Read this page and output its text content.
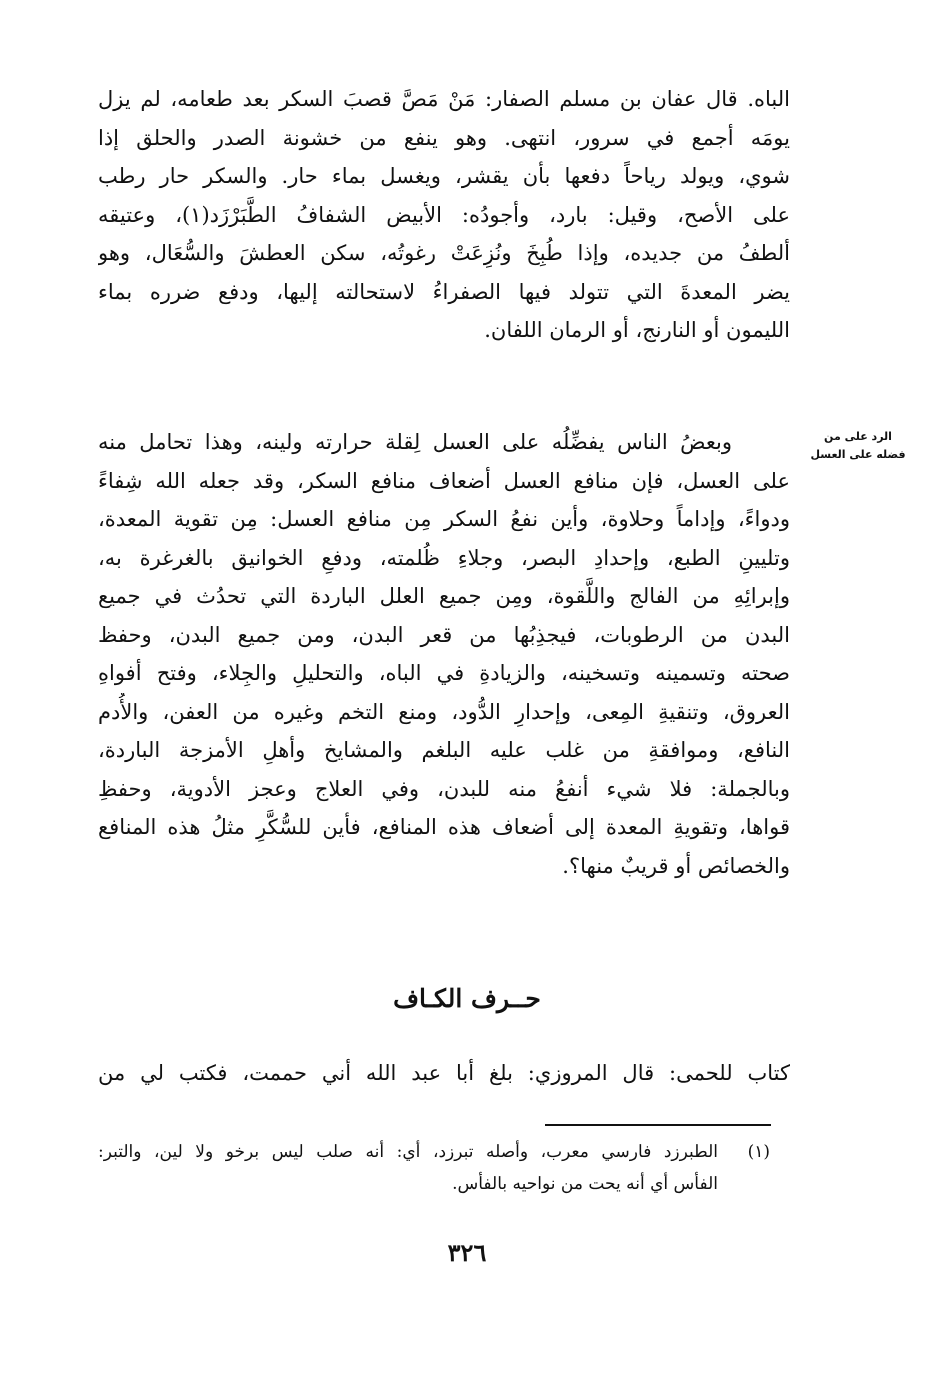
الباه. قال عفان بن مسلم الصفار: مَنْ مَصَّ قصبَ السكر بعد طعامه، لم يزل
يومَه أجمع في سرور، انتهى. وهو ينفع من خشونة الصدر والحلق إذا
شوي، ويولد رياحاً دفعها بأن يقشر، ويغسل بماء حار. والسكر حار رطب
على الأصح، وقيل: بارد، وأجودُه: الأبيض الشفافُ الطَّبَرْزَد(١)، وعتيقه
ألطفُ من جديده، وإذا طُبِخَ ونُزِعَتْ رغوتُه، سكن العطشَ والسُّعَال، وهو
يضر المعدةَ التي تتولد فيها الصفراءُ لاستحالته إليها، ودفع ضرره بماء
الليمون أو النارنج، أو الرمان اللفان.
الرد على من فضله على العسل
وبعضُ الناس يفضِّلُه على العسل لِقلة حرارته ولينه، وهذا تحامل منه
على العسل، فإن منافع العسل أضعاف منافع السكر، وقد جعله الله شِفاءً
ودواءً، وإداماً وحلاوة، وأين نفعُ السكر مِن منافع العسل: مِن تقوية المعدة،
وتليينِ الطبع، وإحدادِ البصر، وجلاءِ ظُلمته، ودفعِ الخوانيق بالغرغرة به،
وإبرائِهِ من الفالج واللَّقوة، ومِن جميع العلل الباردة التي تحدُث في جميع
البدن من الرطوبات، فيجذِبُها من قعر البدن، ومن جميع البدن، وحفظ
صحته وتسمينه وتسخينه، والزيادةِ في الباه، والتحليلِ والجِلاء، وفتح أفواهِ
العروق، وتنقيةِ المِعى، وإحدارِ الدُّود، ومنع التخم وغيره من العفن، والأُدم
النافع، وموافقةِ من غلب عليه البلغم والمشايخ وأهلِ الأمزجة الباردة،
وبالجملة: فلا شيء أنفعُ منه للبدن، وفي العلاج وعجز الأدوية، وحفظِ
قواها، وتقويةِ المعدة إلى أضعاف هذه المنافع، فأين للسُّكَّرِ مثلُ هذه المنافع
والخصائص أو قريبٌ منها؟.
حــرف الكـاف
كتاب للحمى: قال المروزي: بلغ أبا عبد الله أني حممت، فكتب لي من
(١)
الطبرزد فارسي معرب، وأصله تبرزد، أي: أنه صلب ليس برخو ولا لين، والتبر:
الفأس أي أنه يحت من نواحيه بالفأس.
٣٢٦
